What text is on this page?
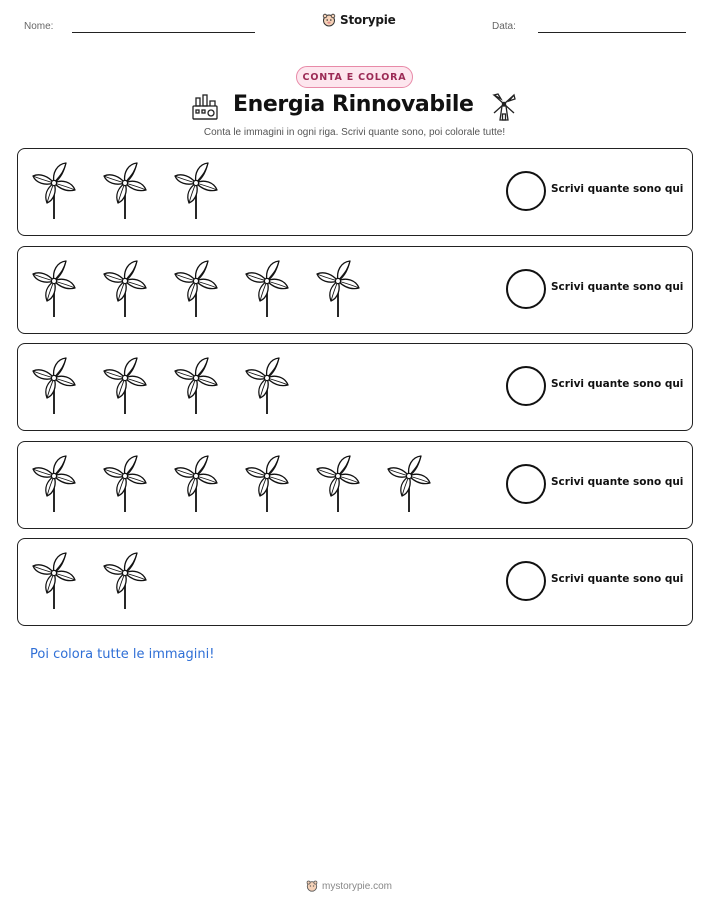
Nome:	Storypie	Data:
CONTA E COLORA
Energia Rinnovabile
Conta le immagini in ogni riga. Scrivi quante sono, poi colorale tutte!
Scrivi quante sono qui
Scrivi quante sono qui
Scrivi quante sono qui
Scrivi quante sono qui
Scrivi quante sono qui
Poi colora tutte le immagini!
mystorypie.com
